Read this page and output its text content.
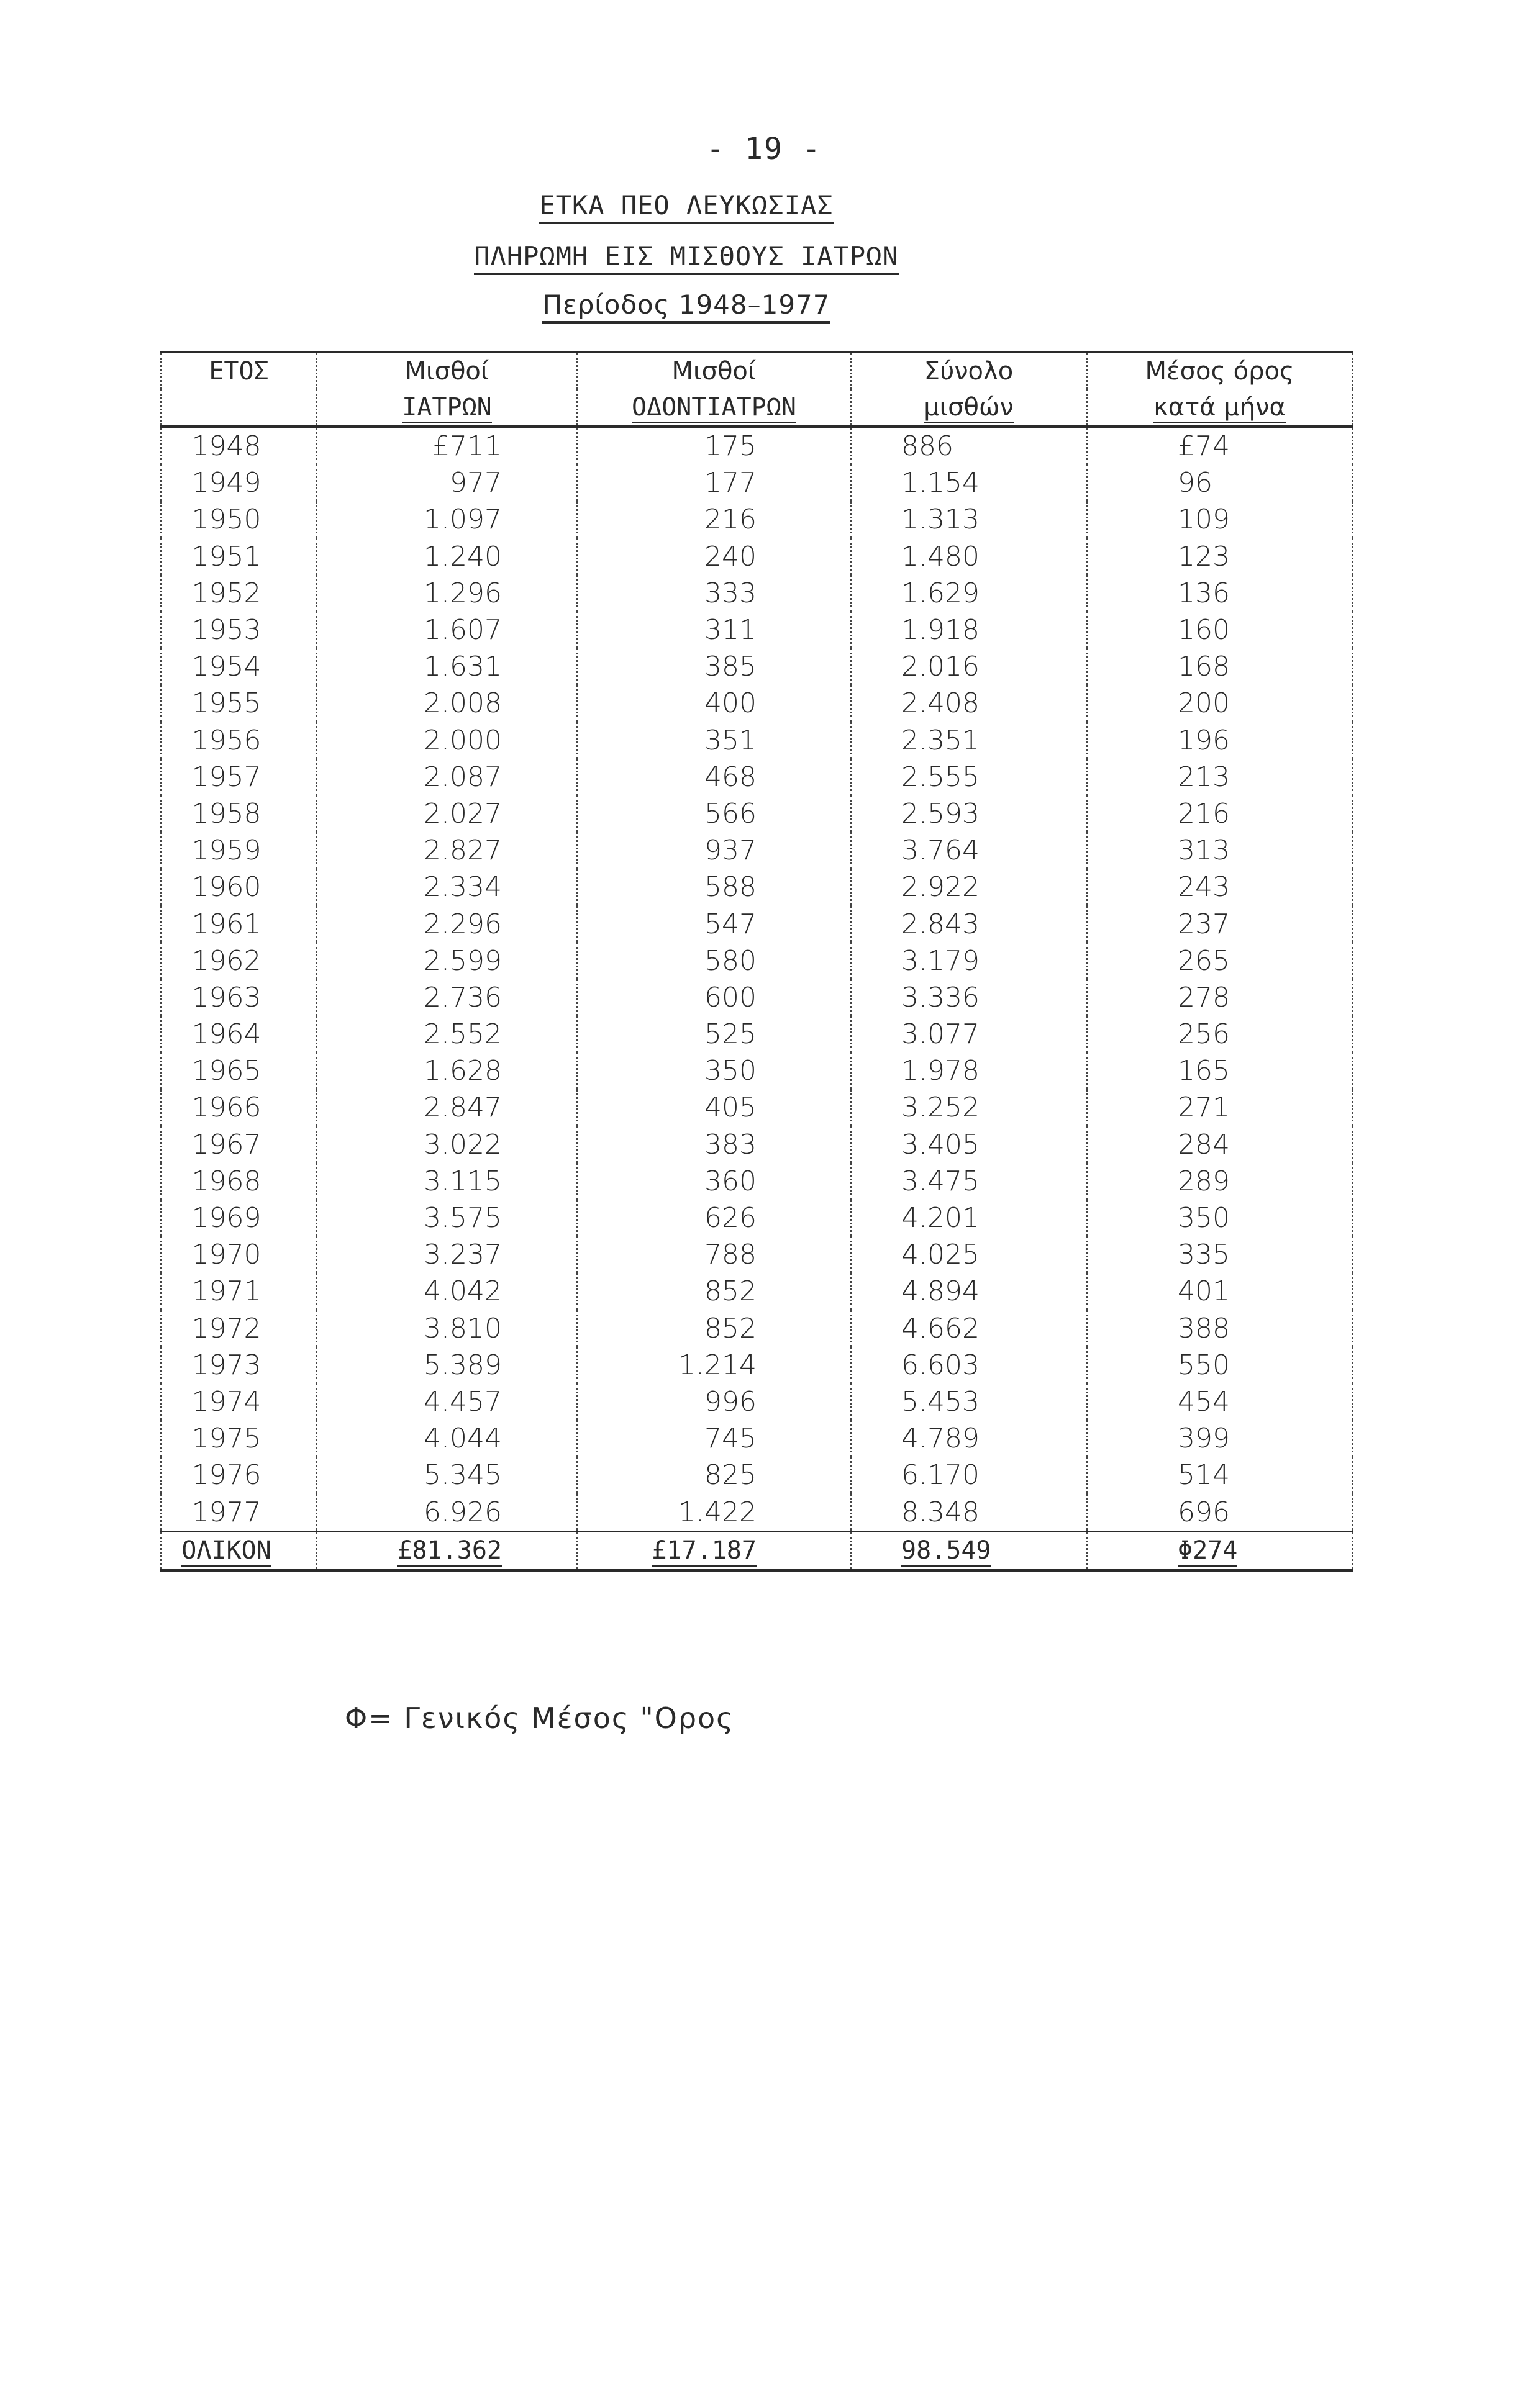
- 19 -
ΕΤΚΑ ΠΕΟ ΛΕΥΚΩΣΙΑΣ
ΠΛΗΡΩΜΗ ΕΙΣ ΜΙΣΘΟΥΣ ΙΑΤΡΩΝ
Περίοδος 1948–1977
ΕΤΟΣ	Μισθοί	Μισθοί	Σύνολο	Μέσος όρος
	ΙΑΤΡΩΝ	ΟΔΟΝΤΙΑΤΡΩΝ	μισθών	κατά μήνα
1948	£711	175	886	£74
1949	977	177	1.154	96
1950	1.097	216	1.313	109
1951	1.240	240	1.480	123
1952	1.296	333	1.629	136
1953	1.607	311	1.918	160
1954	1.631	385	2.016	168
1955	2.008	400	2.408	200
1956	2.000	351	2.351	196
1957	2.087	468	2.555	213
1958	2.027	566	2.593	216
1959	2.827	937	3.764	313
1960	2.334	588	2.922	243
1961	2.296	547	2.843	237
1962	2.599	580	3.179	265
1963	2.736	600	3.336	278
1964	2.552	525	3.077	256
1965	1.628	350	1.978	165
1966	2.847	405	3.252	271
1967	3.022	383	3.405	284
1968	3.115	360	3.475	289
1969	3.575	626	4.201	350
1970	3.237	788	4.025	335
1971	4.042	852	4.894	401
1972	3.810	852	4.662	388
1973	5.389	1.214	6.603	550
1974	4.457	996	5.453	454
1975	4.044	745	4.789	399
1976	5.345	825	6.170	514
1977	6.926	1.422	8.348	696
ΟΛΙΚΟΝ	£81.362	£17.187	98.549	Φ274
Φ= Γενικός Μέσος "Ορος
